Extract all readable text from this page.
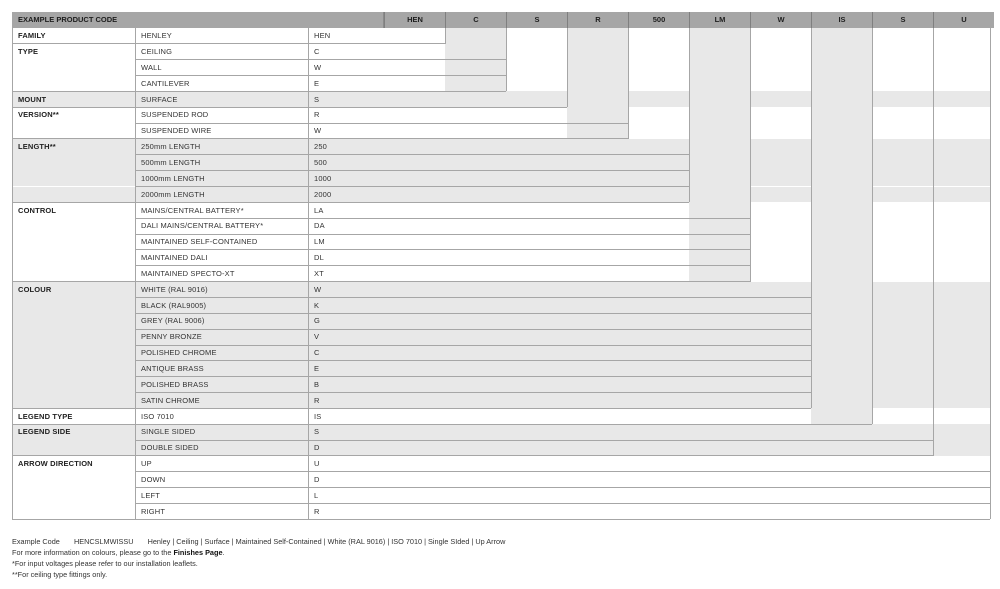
EXAMPLE PRODUCT CODE	HEN	C	S	R	500	LM	W	IS	S	U
FAMILY	HENLEY	HEN
TYPE	CEILING	C
WALL	W
CANTILEVER	E
MOUNT	SURFACE	S
VERSION**	SUSPENDED ROD	R
SUSPENDED WIRE	W
LENGTH**	250mm LENGTH	250
500mm LENGTH	500
1000mm LENGTH	1000
2000mm LENGTH	2000
CONTROL	MAINS/CENTRAL BATTERY*	LA
DALI MAINS/CENTRAL BATTERY*	DA
MAINTAINED SELF-CONTAINED	LM
MAINTAINED DALI	DL
MAINTAINED SPECTO-XT	XT
COLOUR	WHITE (RAL 9016)	W
BLACK (RAL9005)	K
GREY (RAL 9006)	G
PENNY BRONZE	V
POLISHED CHROME	C
ANTIQUE BRASS	E
POLISHED BRASS	B
SATIN CHROME	R
LEGEND TYPE	ISO 7010	IS
LEGEND SIDE	SINGLE SIDED	S
DOUBLE SIDED	D
ARROW DIRECTION	UP	U
DOWN	D
LEFT	L
RIGHT	R
Example Code HENCSLMWISSU Henley | Ceiling | Surface | Maintained Self-Contained | White (RAL 9016) | ISO 7010 | Single SIded | Up Arrow
For more information on colours, please go to the Finishes Page.
*For input voltages please refer to our installation leaflets.
**For ceiling type fittings only.
